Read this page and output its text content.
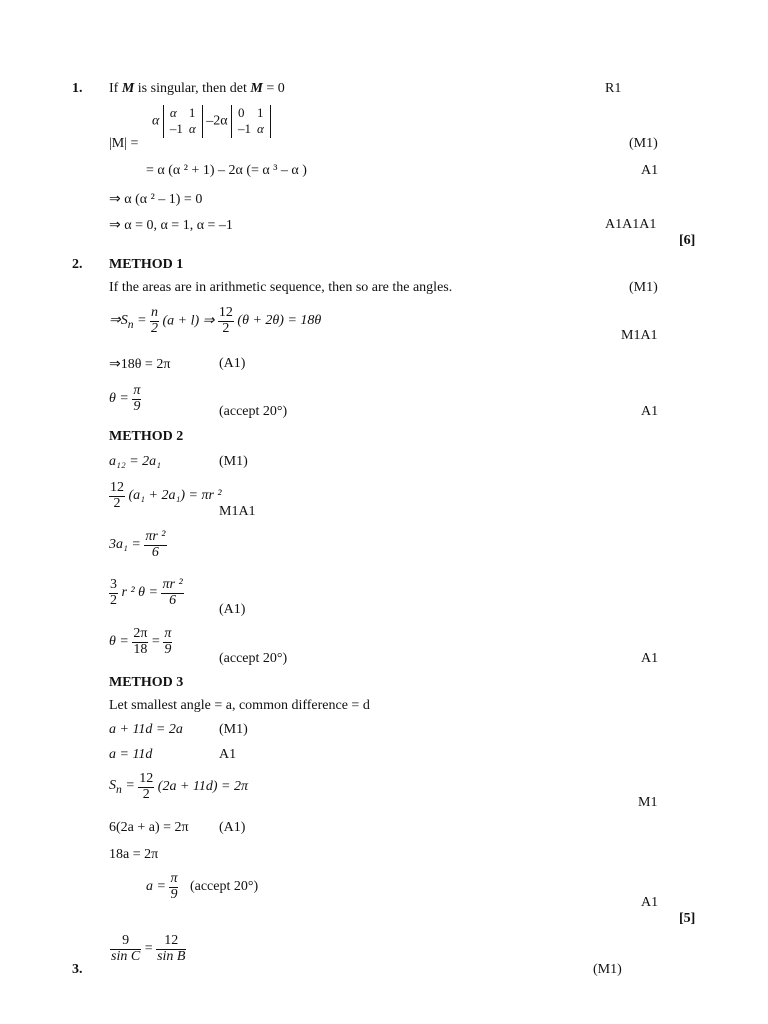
1. If M is singular, then det M = 0	R1
|M| =
α
α	1
–1	α
–2α
0	1
–1	α
(M1)
= α (α ² + 1) – 2α (= α ³ – α )	A1
⇒ α (α ² – 1) = 0
⇒ α = 0, α = 1, α = –1	A1A1A1
[6]
2. METHOD 1
If the areas are in arithmetic sequence, then so are the angles.	(M1)
$\Rightarrow S_n = \frac{n}{2} (a + l)$ ⇒ $\frac{12}{2} (\theta + 2\theta) = 18\theta$
M1A1
⇒18θ = 2π	(A1)
$\theta = \frac{\pi}{9}$	(accept 20°)	A1
METHOD 2
a₁₂ = 2a₁	(M1)
$\frac{12}{2} (a_1 + 2a_1) = \pi r$ ²
M1A1
$3a_1 = \frac{\text{πr ²}}{6}$
$\frac{3}{2}$ r ² $\theta = \frac{\text{πr ²}}{6}$
(A1)
$\theta = \frac{2\pi}{18} = \frac{\pi}{9}$
(accept 20°)	A1
METHOD 3
Let smallest angle = a, common difference = d
a + 11d = 2a	(M1)
a = 11d	A1
$S_n = \frac{12}{2} (2a + 11d) = 2\pi$
M1
6(2a + a) = 2π (A1)
18a = 2π
$a = \frac{\pi}{9}$ (accept 20°)
A1
[5]
$\frac{9}{\text{sin C}} = \frac{12}{\text{sin B}}$
3.	(M1)
